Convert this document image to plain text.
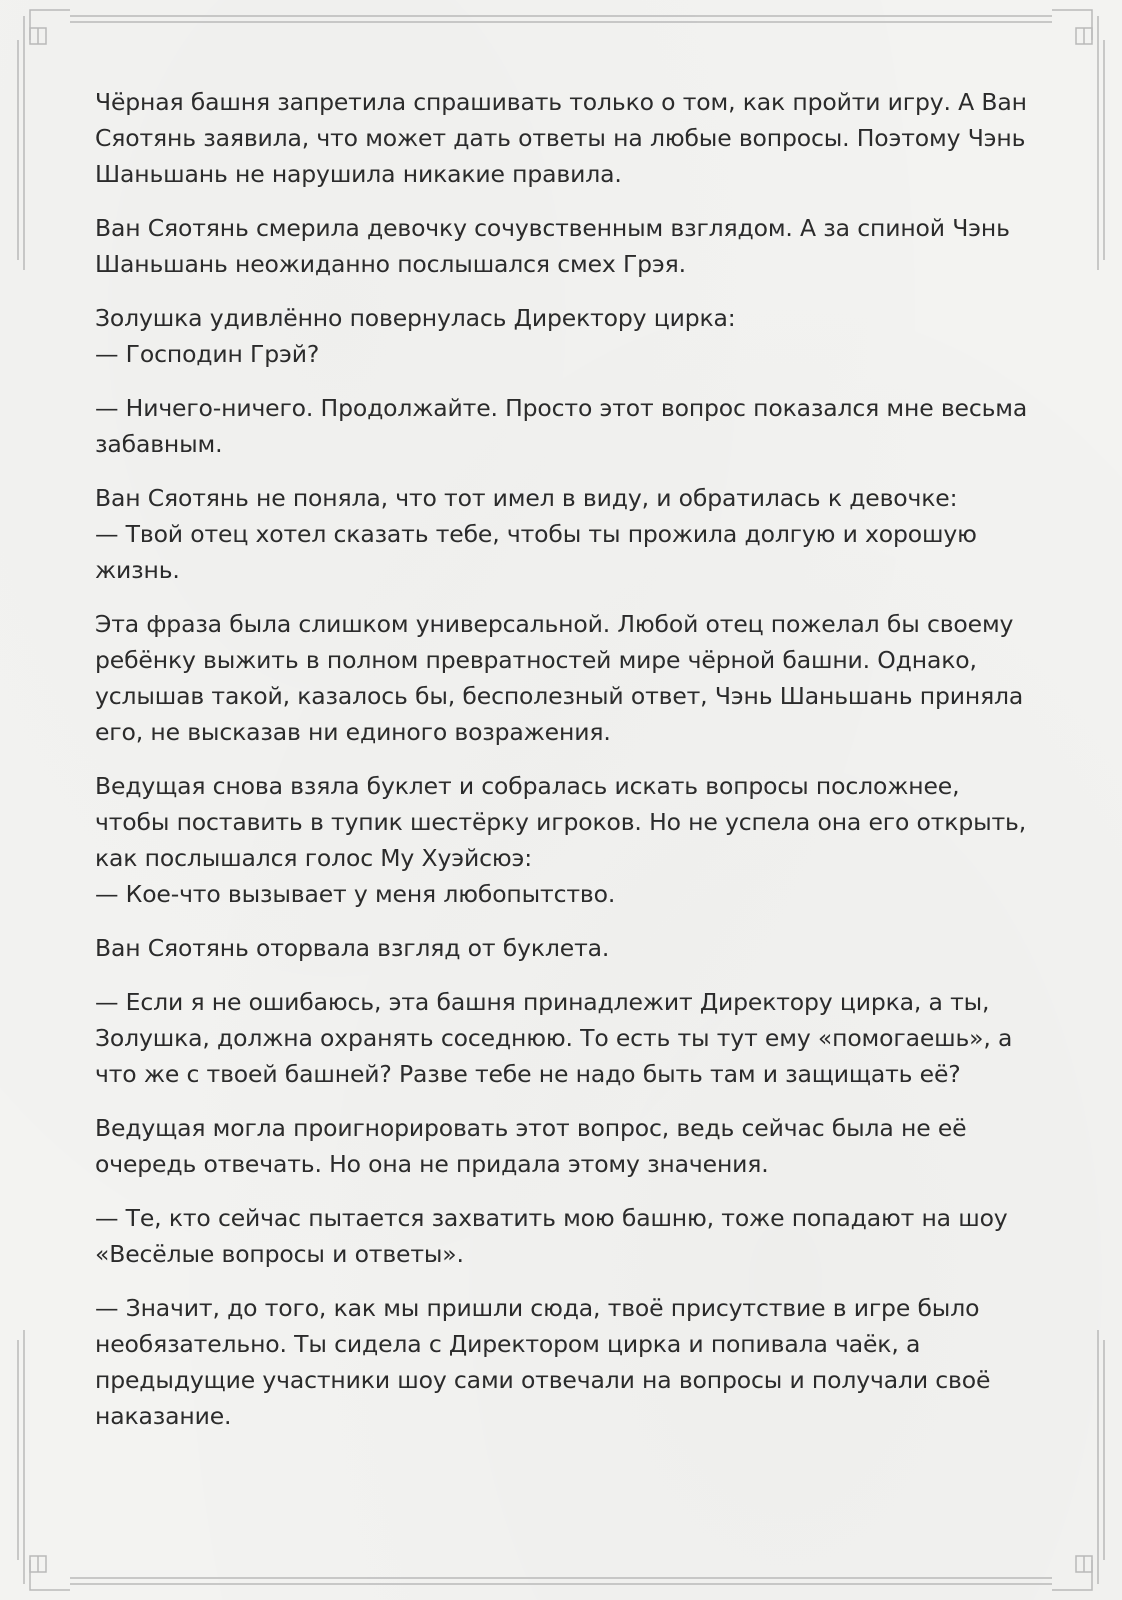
Чёрная башня запретила спрашивать только о том, как пройти игру. А Ван Сяотянь заявила, что может дать ответы на любые вопросы. Поэтому Чэнь Шаньшань не нарушила никакие правила.

Ван Сяотянь смерила девочку сочувственным взглядом. А за спиной Чэнь Шаньшань неожиданно послышался смех Грэя.

Золушка удивлённо повернулась Директору цирка:
— Господин Грэй?

— Ничего-ничего. Продолжайте. Просто этот вопрос показался мне весьма забавным.

Ван Сяотянь не поняла, что тот имел в виду, и обратилась к девочке:
— Твой отец хотел сказать тебе, чтобы ты прожила долгую и хорошую жизнь.

Эта фраза была слишком универсальной. Любой отец пожелал бы своему ребёнку выжить в полном превратностей мире чёрной башни. Однако, услышав такой, казалось бы, бесполезный ответ, Чэнь Шаньшань приняла его, не высказав ни единого возражения.

Ведущая снова взяла буклет и собралась искать вопросы посложнее, чтобы поставить в тупик шестёрку игроков. Но не успела она его открыть, как послышался голос Му Хуэйсюэ:
— Кое-что вызывает у меня любопытство.

Ван Сяотянь оторвала взгляд от буклета.

— Если я не ошибаюсь, эта башня принадлежит Директору цирка, а ты, Золушка, должна охранять соседнюю. То есть ты тут ему «помогаешь», а что же с твоей башней? Разве тебе не надо быть там и защищать её?

Ведущая могла проигнорировать этот вопрос, ведь сейчас была не её очередь отвечать. Но она не придала этому значения.

— Те, кто сейчас пытается захватить мою башню, тоже попадают на шоу «Весёлые вопросы и ответы».

— Значит, до того, как мы пришли сюда, твоё присутствие в игре было необязательно. Ты сидела с Директором цирка и попивала чаёк, а предыдущие участники шоу сами отвечали на вопросы и получали своё наказание.
